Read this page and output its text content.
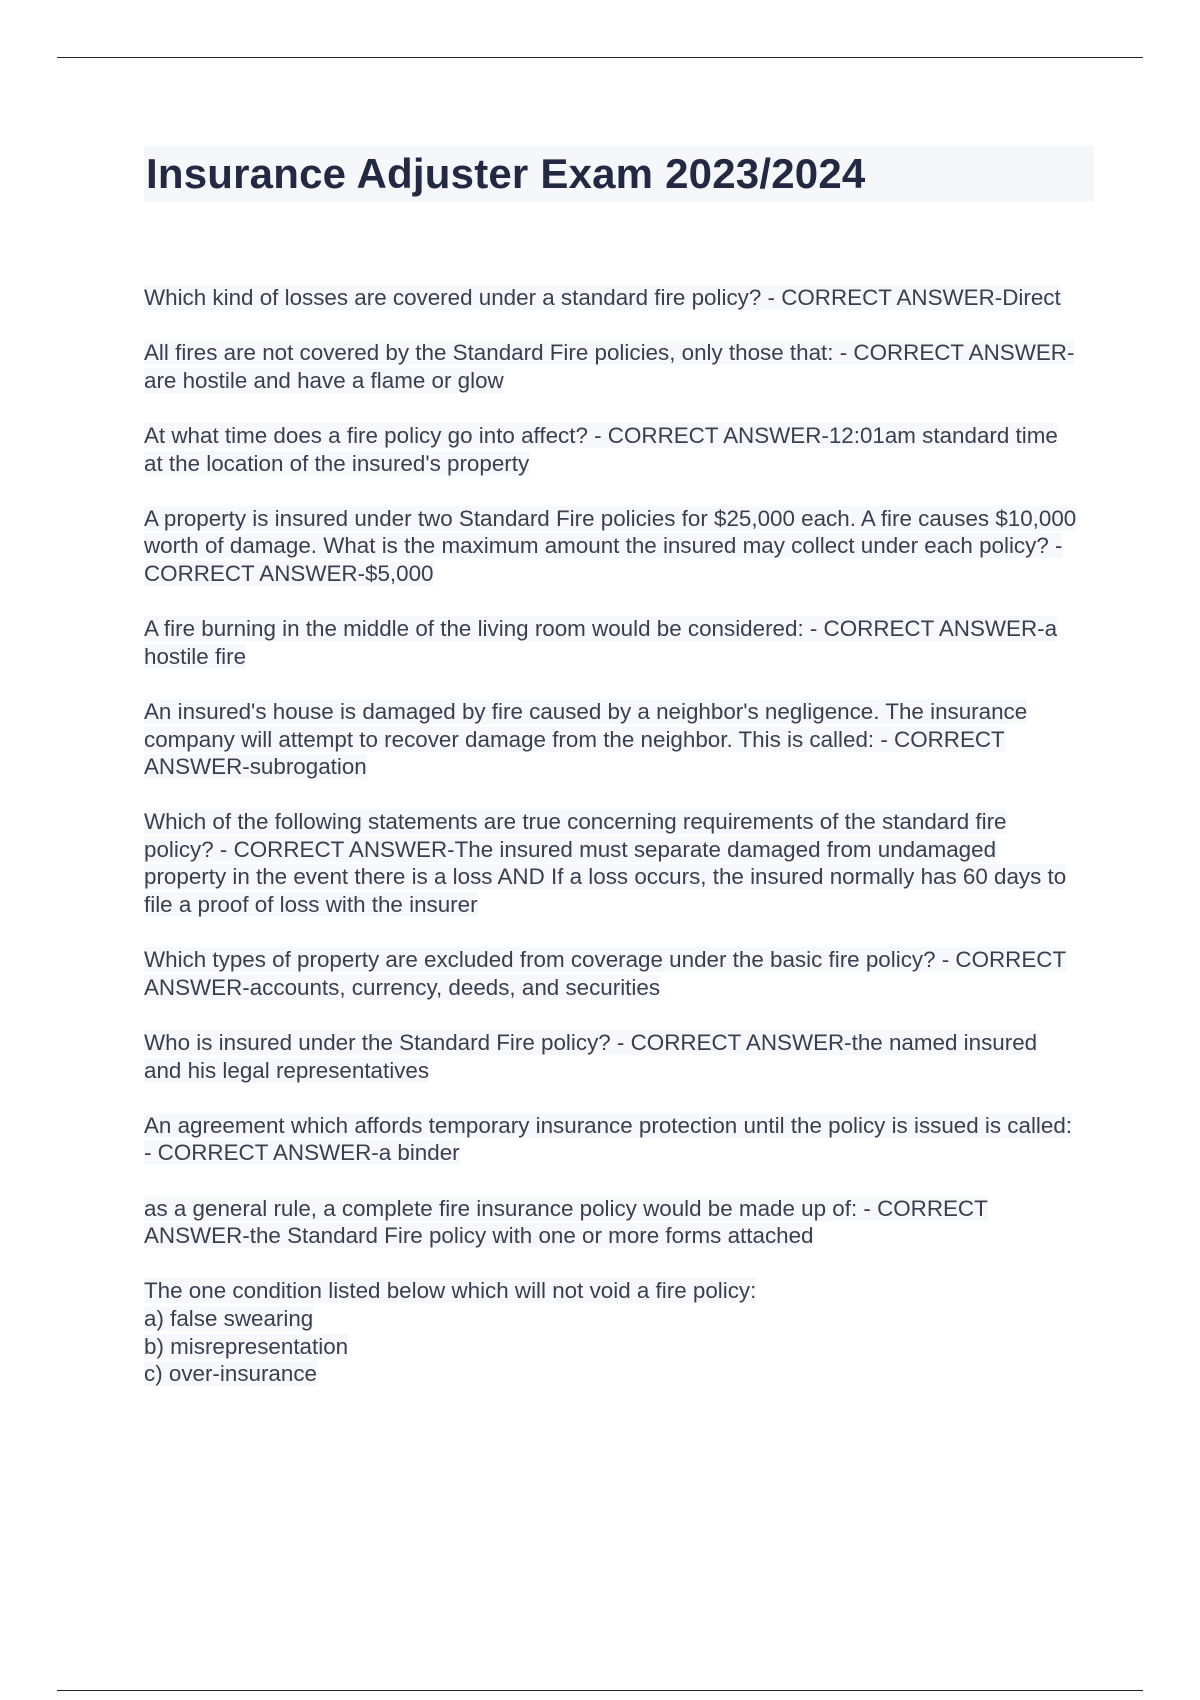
Insurance Adjuster Exam 2023/2024

Which kind of losses are covered under a standard fire policy? - CORRECT ANSWER-Direct

All fires are not covered by the Standard Fire policies, only those that: - CORRECT ANSWER-are hostile and have a flame or glow

At what time does a fire policy go into affect? - CORRECT ANSWER-12:01am standard time at the location of the insured's property

A property is insured under two Standard Fire policies for $25,000 each. A fire causes $10,000 worth of damage. What is the maximum amount the insured may collect under each policy? - CORRECT ANSWER-$5,000

A fire burning in the middle of the living room would be considered: - CORRECT ANSWER-a hostile fire

An insured's house is damaged by fire caused by a neighbor's negligence. The insurance company will attempt to recover damage from the neighbor. This is called: - CORRECT ANSWER-subrogation

Which of the following statements are true concerning requirements of the standard fire policy? - CORRECT ANSWER-The insured must separate damaged from undamaged property in the event there is a loss AND If a loss occurs, the insured normally has 60 days to file a proof of loss with the insurer

Which types of property are excluded from coverage under the basic fire policy? - CORRECT ANSWER-accounts, currency, deeds, and securities

Who is insured under the Standard Fire policy? - CORRECT ANSWER-the named insured and his legal representatives

An agreement which affords temporary insurance protection until the policy is issued is called: - CORRECT ANSWER-a binder

as a general rule, a complete fire insurance policy would be made up of: - CORRECT ANSWER-the Standard Fire policy with one or more forms attached

The one condition listed below which will not void a fire policy:
a) false swearing
b) misrepresentation
c) over-insurance
